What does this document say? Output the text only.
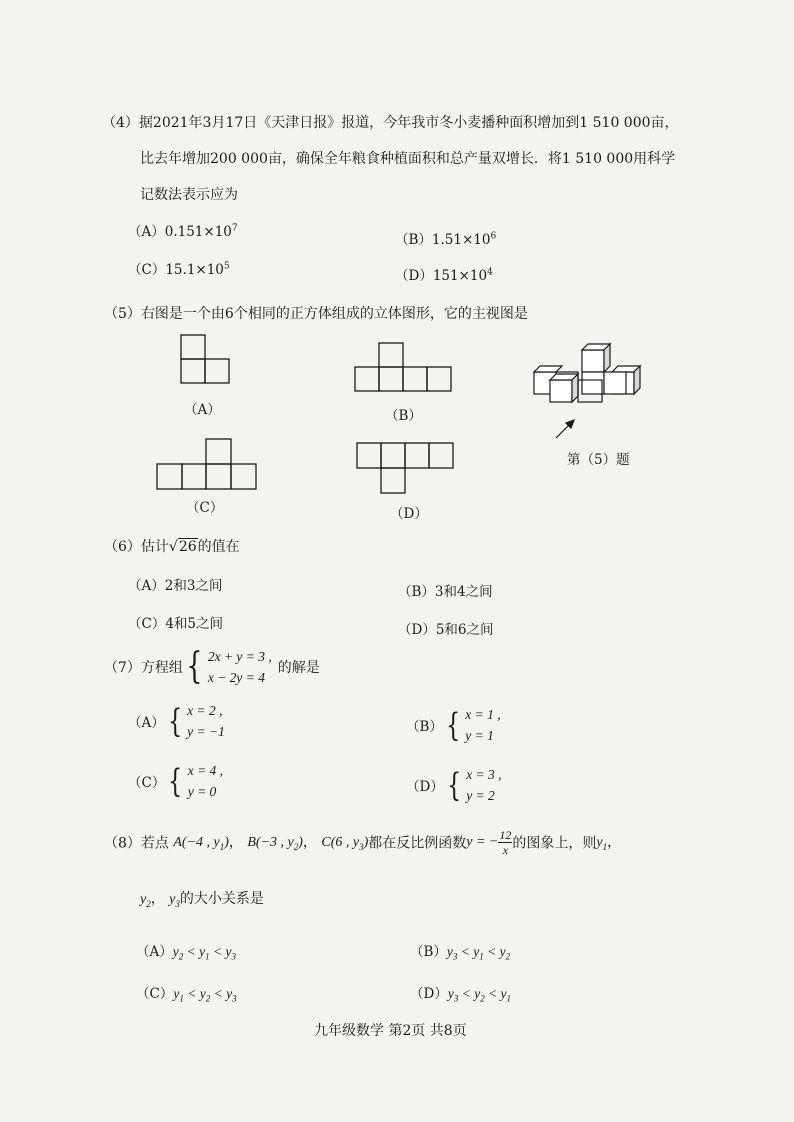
（4）据2021年3月17日《天津日报》报道，今年我市冬小麦播种面积增加到1 510 000亩，
比去年增加200 000亩，确保全年粮食种植面积和总产量双增长．将1 510 000用科学
记数法表示应为
$(A)0.151\times 10^7$
$(B)1.51\times 10^6$
$(C)15.1\times 10^5$
$(D)151\times 10^4$
（5）右图是一个由6个相同的正方体组成的立体图形，它的主视图是
（A）	（B）
第（5）题
（C）	（D）
（6）估计√26的值在
（A）2和3之间	（B）3和4之间
（C）4和5之间	（D）5和6之间
（7）方程组 { 2x + y = 3 ,
x − 2y = 4
的解是
（A） { x = 2 ,
y = −1	（B） { x = 1 ,
y = 1
（C） { x = 4 ,
y = 0	（D） { x = 3 ,
y = 2
（8）若点 A(−4 , $y_1$)， B(−3 , $y_2$)， C(6 , $y_3$)都在反比例函数y = − $\frac{12}{x}$ 的图象上，则$y_1$，
$y_2$， $y_3$的大小关系是
$(A)y_2 < y_1 < y_3$	$(B)y_3 < y_1 < y_2$
$(C)y_1 < y_2 < y_3$	$(D)y_3 < y_2 < y_1$
九年级数学 第2页 共8页
